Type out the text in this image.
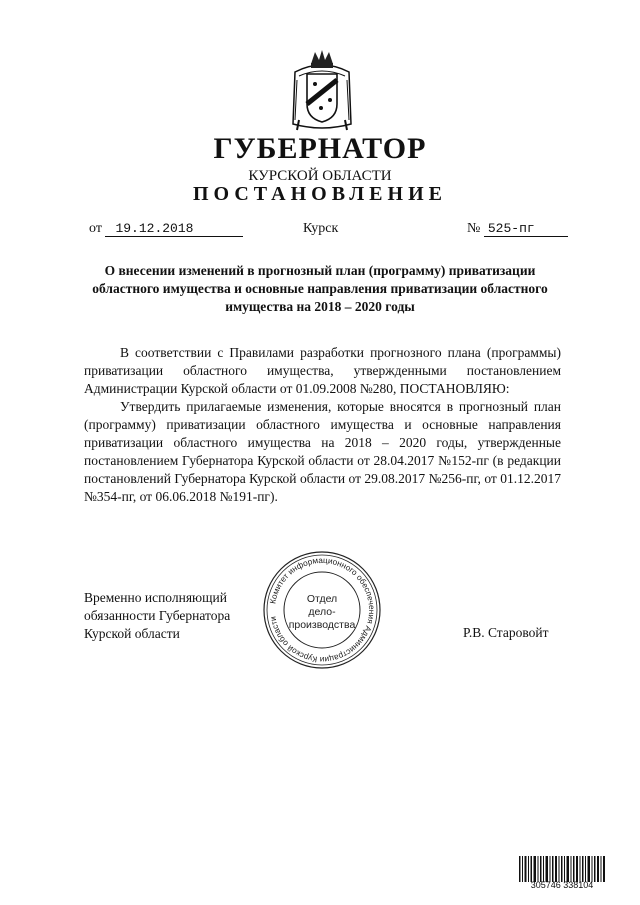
ГУБЕРНАТОР
КУРСКОЙ ОБЛАСТИ
ПОСТАНОВЛЕНИЕ
от 19.12.2018	Курск	№ 525-пг
О внесении изменений в прогнозный план (программу) приватизации областного имущества и основные направления приватизации областного имущества на 2018 – 2020 годы

В соответствии с Правилами разработки прогнозного плана (программы) приватизации областного имущества, утвержденными постановлением Администрации Курской области от 01.09.2008 №280, ПОСТАНОВЛЯЮ:

Утвердить прилагаемые изменения, которые вносятся в прогнозный план (программу) приватизации областного имущества и основные направления приватизации областного имущества на 2018 – 2020 годы, утвержденные постановлением Губернатора Курской области от 28.04.2017 №152-пг (в редакции постановлений Губернатора Курской области от 29.08.2017 №256-пг, от 01.12.2017 №354-пг, от 06.06.2018 №191-пг).

Комитет информационного обеспечения Администрации Курской области
Отдел
дело-
производства
Временно исполняющий
обязанности Губернатора
Курской области	Р.В. Старовойт
305746 338104
